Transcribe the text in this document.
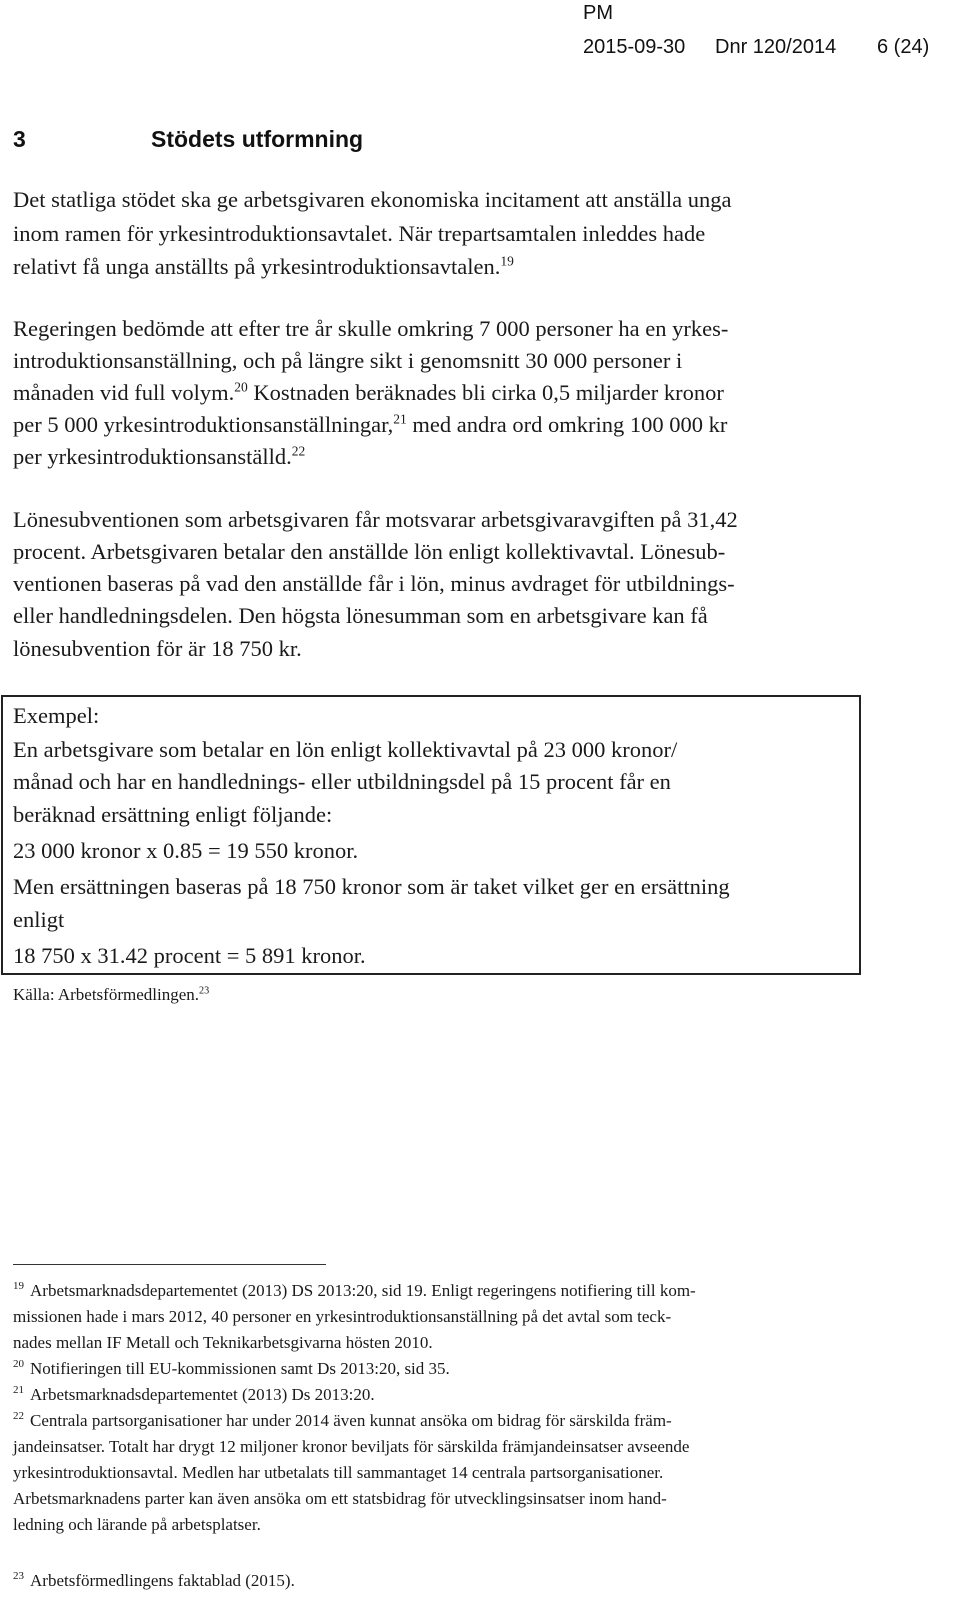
PM
2015-09-30 Dnr 120/2014 6 (24)
3	Stödets utformning
Det statliga stödet ska ge arbetsgivaren ekonomiska incitament att anställa unga
inom ramen för yrkesintroduktionsavtalet. När trepartsamtalen inleddes hade
relativt få unga anställts på yrkesintroduktionsavtalen.$^{19}$
Regeringen bedömde att efter tre år skulle omkring 7 000 personer ha en yrkes-
introduktionsanställning, och på längre sikt i genomsnitt 30 000 personer i
månaden vid full volym.$^{20}$ Kostnaden beräknades bli cirka 0,5 miljarder kronor
per 5 000 yrkesintroduktionsanställningar,$^{21}$ med andra ord omkring 100 000 kr
per yrkesintroduktionsanställd.$^{22}$
Lönesubventionen som arbetsgivaren får motsvarar arbetsgivaravgiften på 31,42
procent. Arbetsgivaren betalar den anställde lön enligt kollektivavtal. Lönesub-
ventionen baseras på vad den anställde får i lön, minus avdraget för utbildnings-
eller handledningsdelen. Den högsta lönesumman som en arbetsgivare kan få
lönesubvention för är 18 750 kr.
Exempel:
En arbetsgivare som betalar en lön enligt kollektivavtal på 23 000 kronor/
månad och har en handlednings- eller utbildningsdel på 15 procent får en
beräknad ersättning enligt följande:
23 000 kronor x 0.85 = 19 550 kronor.
Men ersättningen baseras på 18 750 kronor som är taket vilket ger en ersättning
enligt
18 750 x 31.42 procent = 5 891 kronor.
Källa: Arbetsförmedlingen.$^{23}$
$^{19}$ Arbetsmarknadsdepartementet (2013) DS 2013:20, sid 19. Enligt regeringens notifiering till kom-
missionen hade i mars 2012, 40 personer en yrkesintroduktionsanställning på det avtal som teck-
nades mellan IF Metall och Teknikarbetsgivarna hösten 2010.
$^{20}$ Notifieringen till EU-kommissionen samt Ds 2013:20, sid 35.
$^{21}$ Arbetsmarknadsdepartementet (2013) Ds 2013:20.
$^{22}$ Centrala partsorganisationer har under 2014 även kunnat ansöka om bidrag för särskilda främ-
jandeinsatser. Totalt har drygt 12 miljoner kronor beviljats för särskilda främjandeinsatser avseende
yrkesintroduktionsavtal. Medlen har utbetalats till sammantaget 14 centrala partsorganisationer.
Arbetsmarknadens parter kan även ansöka om ett statsbidrag för utvecklingsinsatser inom hand-
ledning och lärande på arbetsplatser.
$^{23}$ Arbetsförmedlingens faktablad (2015).
